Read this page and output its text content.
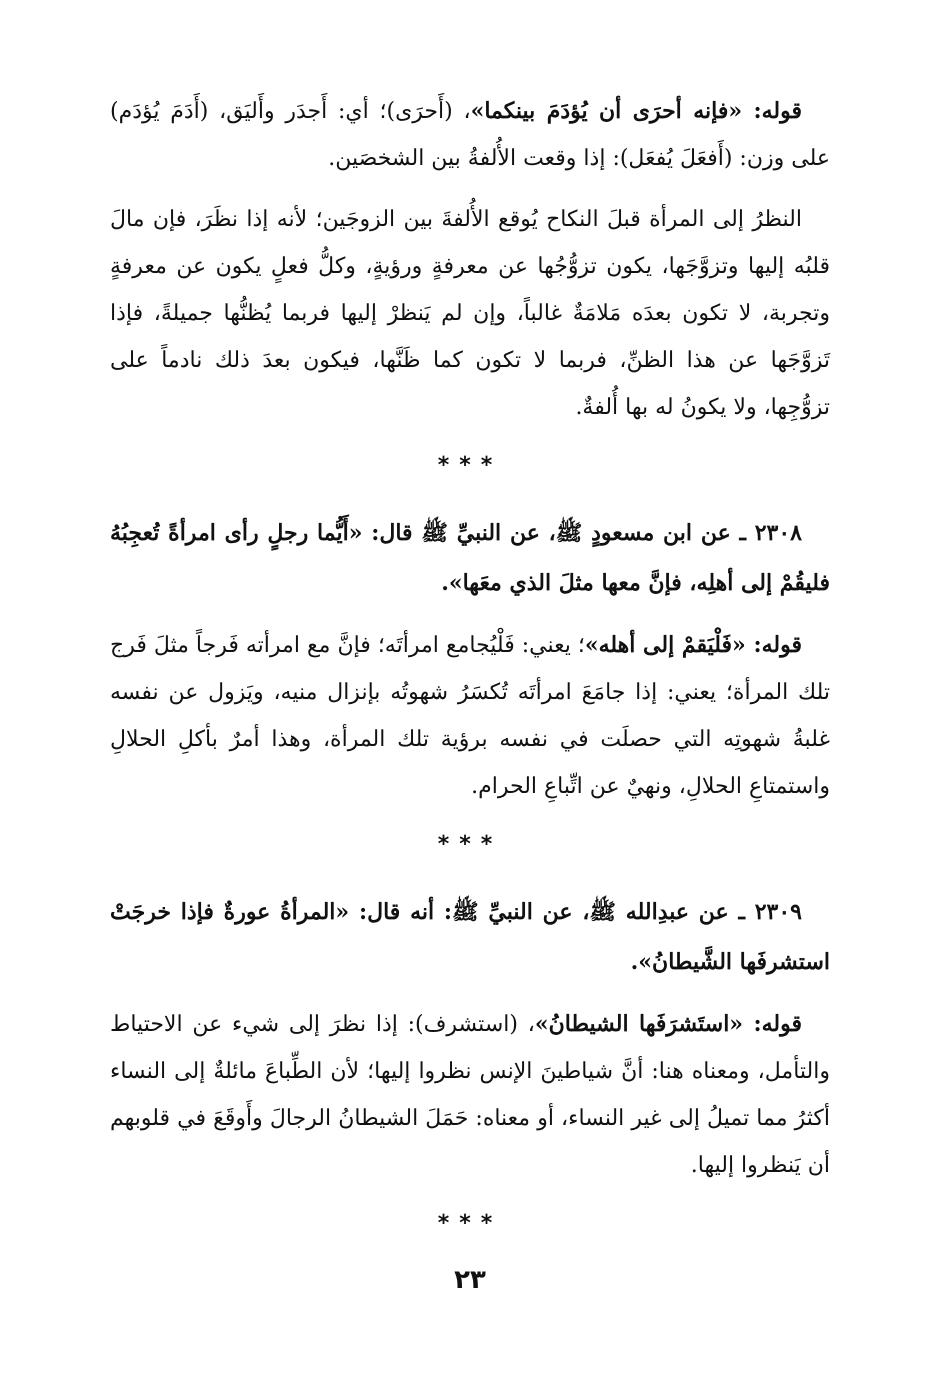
قوله: «فإنه أحرَى أن يُؤدَمَ بينكما»، (أَحرَى)؛ أي: أَجدَر وأَليَق، (أَدَمَ يُؤدَم) على وزن: (أَفعَلَ يُفعَل): إذا وقعت الأُلفةُ بين الشخصَين.

النظرُ إلى المرأة قبلَ النكاح يُوقع الأُلفةَ بين الزوجَين؛ لأنه إذا نظَرَ، فإن مالَ قلبُه إليها وتزوَّجَها، يكون تزوُّجُها عن معرفةٍ ورؤيةٍ، وكلُّ فعلٍ يكون عن معرفةٍ وتجربة، لا تكون بعدَه مَلامَةٌ غالباً، وإن لم يَنظرْ إليها فربما يُظنُّها جميلةً، فإذا تَزوَّجَها عن هذا الظنِّ، فربما لا تكون كما ظَنَّها، فيكون بعدَ ذلك نادماً على تزوُّجِها، ولا يكونُ له بها أُلفةٌ.

***

٢٣٠٨ ـ عن ابن مسعودٍ ﷺ، عن النبيِّ ﷺ قال: «أَيُّما رجلٍ رأى امرأةً تُعجِبُهُ فليقُمْ إلى أهلِه، فإنَّ معها مثلَ الذي معَها».

قوله: «فَلْيَقمْ إلى أهله»؛ يعني: فَلْيُجامع امرأتَه؛ فإنَّ مع امرأته فَرجاً مثلَ فَرج تلك المرأة؛ يعني: إذا جامَعَ امرأتَه تُكسَرُ شهوتُه بإنزال منيه، ويَزول عن نفسه غلبةُ شهوتِه التي حصلَت في نفسه برؤية تلك المرأة، وهذا أمرٌ بأكلِ الحلالِ واستمتاعِ الحلالِ، ونهيٌ عن اتِّباعِ الحرام.

***

٢٣٠٩ ـ عن عبدِالله ﷺ، عن النبيِّ ﷺ: أنه قال: «المرأةُ عورةٌ فإذا خرجَتْ استشرفَها الشَّيطانُ».

قوله: «استَشرَفَها الشيطانُ»، (استشرف): إذا نظرَ إلى شيء عن الاحتياط والتأمل، ومعناه هنا: أنَّ شياطينَ الإنس نظروا إليها؛ لأن الطِّباعَ مائلةٌ إلى النساء أكثرُ مما تميلُ إلى غير النساء، أو معناه: حَمَلَ الشيطانُ الرجالَ وأَوقَعَ في قلوبهم أن يَنظروا إليها.

***
٢٣
